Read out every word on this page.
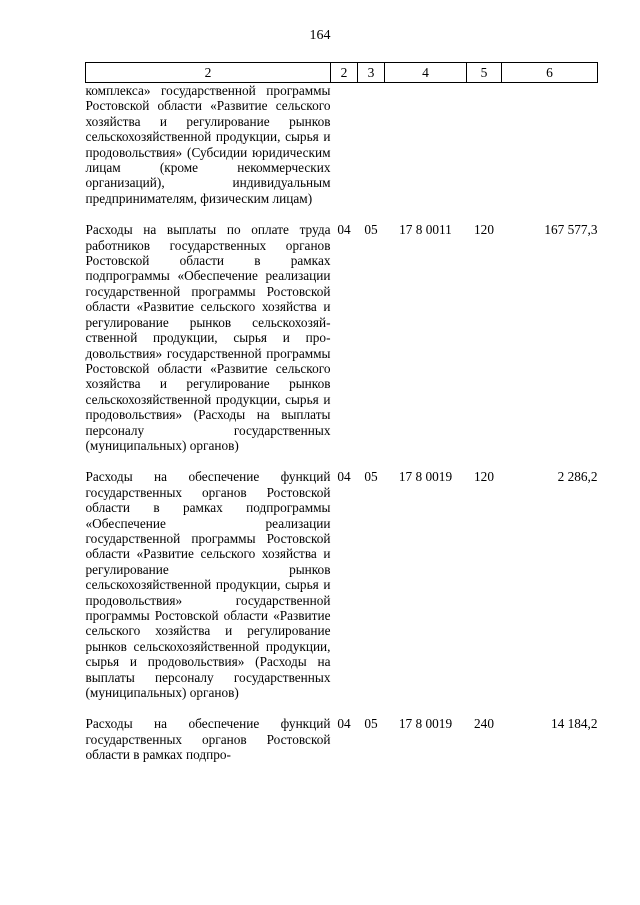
164
2	2	3	4	5	6
комплекса» государственной программы Ростовской области «Развитие сельского хозяйства и регулирование рынков сельскохозяйственной продукции, сырья и продовольствия» (Субсидии юридическим лицам (кроме некоммерческих организаций), индивидуальным предпринимателям, физическим лицам)					
Расходы на выплаты по оплате труда работников государственных органов Ростовской области в рамках подпрограммы «Обеспечение реализации государственной программы Ростовской области «Развитие сельского хозяйства и регулирование рынков сельскохозяйственной продукции, сырья и продовольствия» государственной программы Ростовской области «Развитие сельского хозяйства и регулирование рынков сельскохозяйственной продукции, сырья и продовольствия» (Расходы на выплаты персоналу государственных (муниципальных) органов)	04	05	17 8 0011	120	167 577,3
Расходы на обеспечение функций государственных органов Ростовской области в рамках подпрограммы «Обеспечение реализации государственной программы Ростовской области «Развитие сельского хозяйства и регулирование рынков сельскохозяйственной продукции, сырья и продовольствия» государственной программы Ростовской области «Развитие сельского хозяйства и регулирование рынков сельскохозяйственной продукции, сырья и продовольствия» (Расходы на выплаты персоналу государственных (муниципальных) органов)	04	05	17 8 0019	120	2 286,2
Расходы на обеспечение функций государственных органов Ростовской области в рамках подпро-	04	05	17 8 0019	240	14 184,2
